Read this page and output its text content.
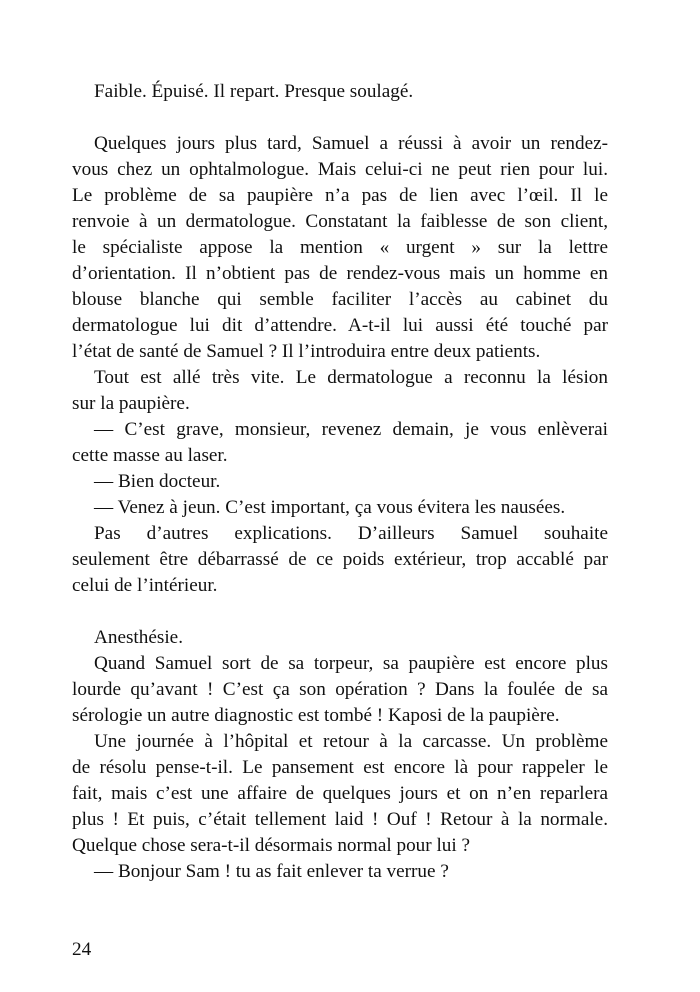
Faible. Épuisé. Il repart. Presque soulagé.
Quelques jours plus tard, Samuel a réussi à avoir un rendez-
vous chez un ophtalmologue. Mais celui-ci ne peut rien pour lui.
Le problème de sa paupière n’a pas de lien avec l’œil. Il le
renvoie à un dermatologue. Constatant la faiblesse de son client,
le spécialiste appose la mention « urgent » sur la lettre
d’orientation. Il n’obtient pas de rendez-vous mais un homme en
blouse blanche qui semble faciliter l’accès au cabinet du
dermatologue lui dit d’attendre. A-t-il lui aussi été touché par
l’état de santé de Samuel ? Il l’introduira entre deux patients.
Tout est allé très vite. Le dermatologue a reconnu la lésion
sur la paupière.
— C’est grave, monsieur, revenez demain, je vous enlèverai
cette masse au laser.
— Bien docteur.
— Venez à jeun. C’est important, ça vous évitera les nausées.
Pas d’autres explications. D’ailleurs Samuel souhaite
seulement être débarrassé de ce poids extérieur, trop accablé par
celui de l’intérieur.
Anesthésie.
Quand Samuel sort de sa torpeur, sa paupière est encore plus
lourde qu’avant ! C’est ça son opération ? Dans la foulée de sa
sérologie un autre diagnostic est tombé ! Kaposi de la paupière.
Une journée à l’hôpital et retour à la carcasse. Un problème
de résolu pense-t-il. Le pansement est encore là pour rappeler le
fait, mais c’est une affaire de quelques jours et on n’en reparlera
plus ! Et puis, c’était tellement laid ! Ouf ! Retour à la normale.
Quelque chose sera-t-il désormais normal pour lui ?
— Bonjour Sam ! tu as fait enlever ta verrue ?
24
